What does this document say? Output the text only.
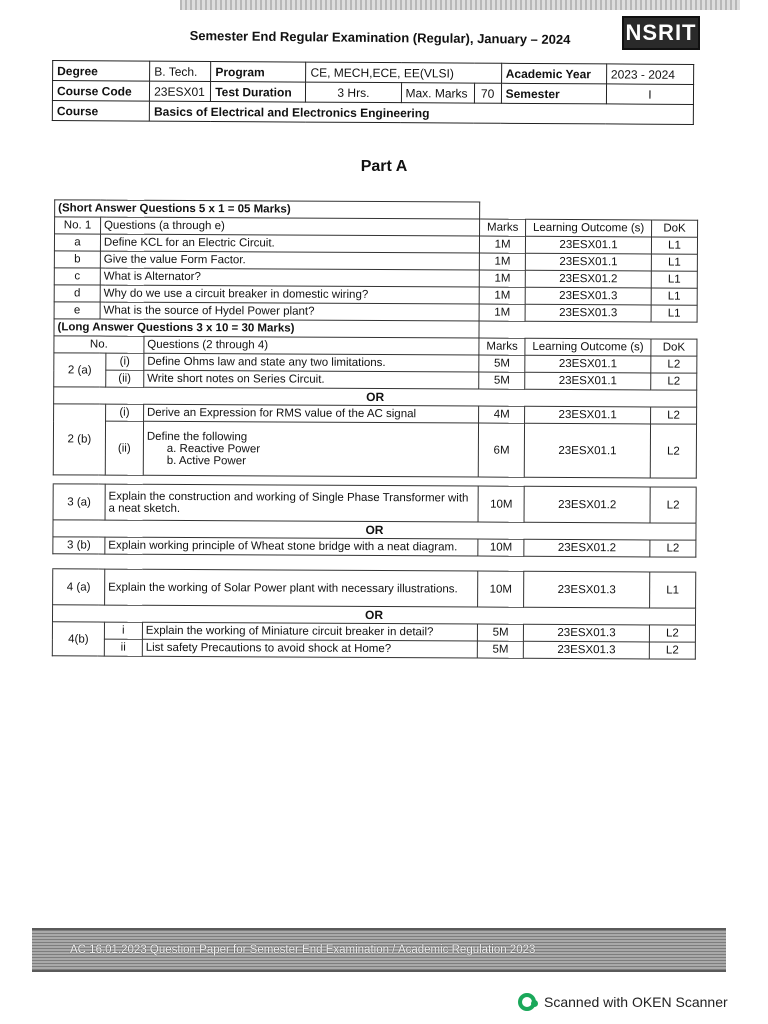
NSRIT
Semester End Regular Examination (Regular), January – 2024
Degree	B. Tech.	Program	CE, MECH,ECE, EE(VLSI)			Academic Year	2023 - 2024
Course Code	23ESX01	Test Duration	3 Hrs.	Max. Marks	70	Semester	I
Course	Basics of Electrical and Electronics Engineering						
Part A
(Short Answer Questions 5 x 1 = 05 Marks)						
No. 1	Questions (a through e)			Marks	Learning Outcome (s)	DoK
a	Define KCL for an Electric Circuit.			1M	23ESX01.1	L1
b	Give the value Form Factor.			1M	23ESX01.1	L1
c	What is Alternator?			1M	23ESX01.2	L1
d	Why do we use a circuit breaker in domestic wiring?			1M	23ESX01.3	L1
e	What is the source of Hydel Power plant?			1M	23ESX01.3	L1
(Long Answer Questions 3 x 10 = 30 Marks)						
No.			Questions (2 through 4)	Marks	Learning Outcome (s)	DoK
2 (a)		(i)	Define Ohms law and state any two limitations.	5M	23ESX01.1	L2
		(ii)	Write short notes on Series Circuit.	5M	23ESX01.1	L2
OR						
2 (b)		(i)	Derive an Expression for RMS value of the AC signal	4M	23ESX01.1	L2
		(ii)	Define the following
a. Reactive Power
b. Active Power	6M	23ESX01.1	L2

3 (a)		Explain the construction and working of Single Phase Transformer with a neat sketch.		10M	23ESX01.2	L2
OR						
3 (b)		Explain working principle of Wheat stone bridge with a neat diagram.		10M	23ESX01.2	L2

4 (a)		Explain the working of Solar Power plant with necessary illustrations.		10M	23ESX01.3	L1
OR						
4(b)		i	Explain the working of Miniature circuit breaker in detail?	5M	23ESX01.3	L2
		ii	List safety Precautions to avoid shock at Home?	5M	23ESX01.3	L2
AC 16.01.2023 Question Paper for Semester End Examination / Academic Regulation 2023
Scanned with OKEN Scanner
